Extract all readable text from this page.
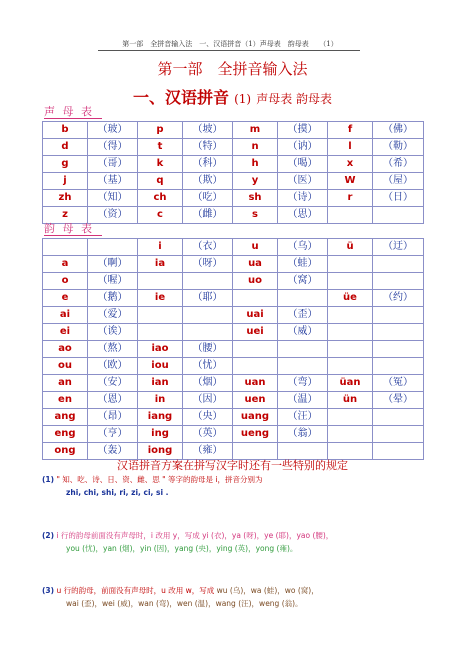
第一部　全拼音输入法　一、汉语拼音（1）声母表　韵母表　　（1）
第一部　全拼音输入法
一、汉语拼音 (1) 声母表 韵母表
声 母 表
b	（玻）	p	（坡）	m	（摸）	f	（佛）
d	（得）	t	（特）	n	（讷）	l	（勒）
g	（哥）	k	（科）	h	（喝）	x	（希）
j	（基）	q	（欺）	y	（医）	W	（屋）
zh	（知）	ch	（吃）	sh	（诗）	r	（日）
z	（资）	c	（雌）	s	（思）		
韵 母 表
		i	（衣）	u	（乌）	ü	（迂）
a	（啊）	ia	（呀）	ua	（蛙）		
o	（喔）			uo	（窝）		
e	（鹅）	ie	（耶）			üe	（约）
ai	（爱）			uai	（歪）		
ei	（诶）			uei	（威）		
ao	（熬）	iao	（腰）				
ou	（欧）	iou	（忧）				
an	（安）	ian	（烟）	uan	（弯）	üan	（冤）
en	（恩）	in	（因）	uen	（温）	ün	（晕）
ang	（昂）	iang	（央）	uang	（汪）		
eng	（亨）	ing	（英）	ueng	（翁）		
ong	（轰）	iong	（雍）				
汉语拼音方案在拼写汉字时还有一些特别的规定
(1) " 知、吃、诗、日、资、雌、思 " 等字的韵母是 i，拼音分别为
zhi, chi, shi, ri, zi, ci, si .
(2) i 行的韵母前面没有声母时，i 改用 y，写成 yi (衣)，ya (呀)，ye (耶)，yao (腰)，
you (忧)，yan (烟)，yin (因)，yang (央)，ying (英)，yong (雍)。
(3) u 行的韵母，前面没有声母时，u 改用 w，写成 wu (乌)，wa (蛙)，wo (窝)，
wai (歪)，wei (威)，wan (弯)，wen (温)，wang (汪)，weng (翁)。
